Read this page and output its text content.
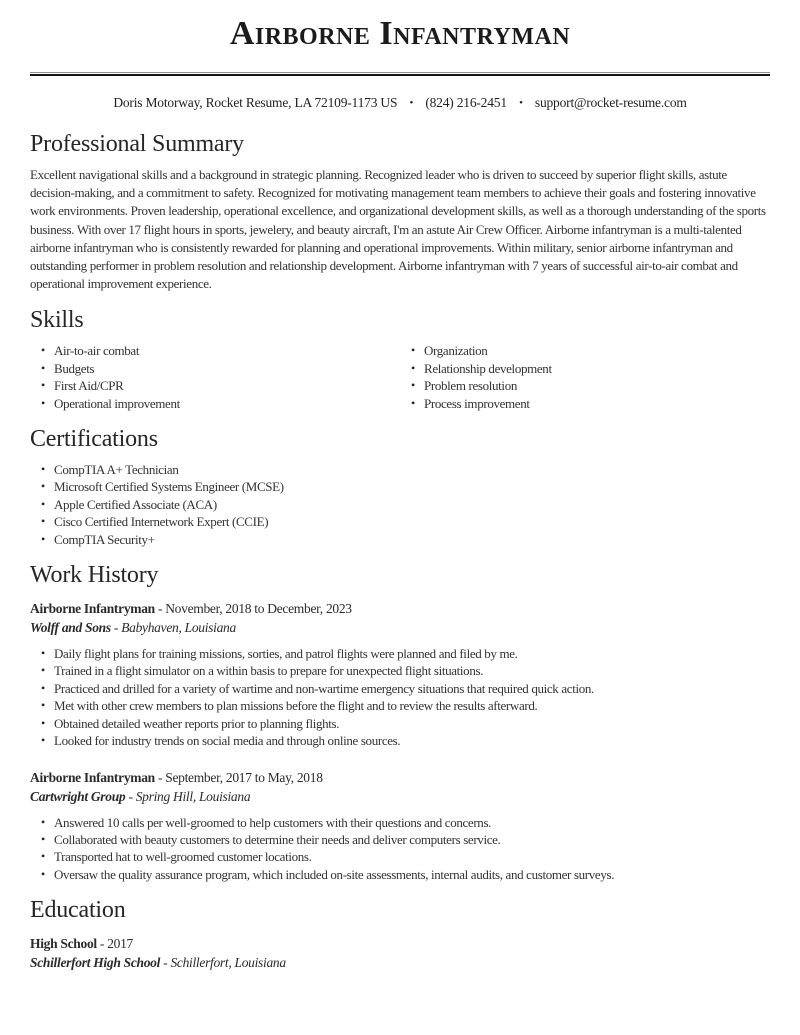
Airborne Infantryman
Doris Motorway, Rocket Resume, LA 72109-1173 US • (824) 216-2451 • support@rocket-resume.com
Professional Summary

Excellent navigational skills and a background in strategic planning. Recognized leader who is driven to succeed by superior flight skills, astute decision-making, and a commitment to safety. Recognized for motivating management team members to achieve their goals and fostering innovative work environments. Proven leadership, operational excellence, and organizational development skills, as well as a thorough understanding of the sports business. With over 17 flight hours in sports, jewelery, and beauty aircraft, I'm an astute Air Crew Officer. Airborne infantryman is a multi-talented airborne infantryman who is consistently rewarded for planning and operational improvements. Within military, senior airborne infantryman and outstanding performer in problem resolution and relationship development. Airborne infantryman with 7 years of successful air-to-air combat and operational improvement experience.

Skills
• Air-to-air combat
• Budgets
• First Aid/CPR
• Operational improvement
• Organization
• Relationship development
• Problem resolution
• Process improvement
Certifications
• CompTIA A+ Technician
• Microsoft Certified Systems Engineer (MCSE)
• Apple Certified Associate (ACA)
• Cisco Certified Internetwork Expert (CCIE)
• CompTIA Security+
Work History

Airborne Infantryman - November, 2018 to December, 2023

Wolff and Sons - Babyhaven, Louisiana

• Daily flight plans for training missions, sorties, and patrol flights were planned and filed by me.
• Trained in a flight simulator on a within basis to prepare for unexpected flight situations.
• Practiced and drilled for a variety of wartime and non-wartime emergency situations that required quick action.
• Met with other crew members to plan missions before the flight and to review the results afterward.
• Obtained detailed weather reports prior to planning flights.
• Looked for industry trends on social media and through online sources.

Airborne Infantryman - September, 2017 to May, 2018

Cartwright Group - Spring Hill, Louisiana

• Answered 10 calls per well-groomed to help customers with their questions and concerns.
• Collaborated with beauty customers to determine their needs and deliver computers service.
• Transported hat to well-groomed customer locations.
• Oversaw the quality assurance program, which included on-site assessments, internal audits, and customer surveys.
Education

High School - 2017

Schillerfort High School - Schillerfort, Louisiana
